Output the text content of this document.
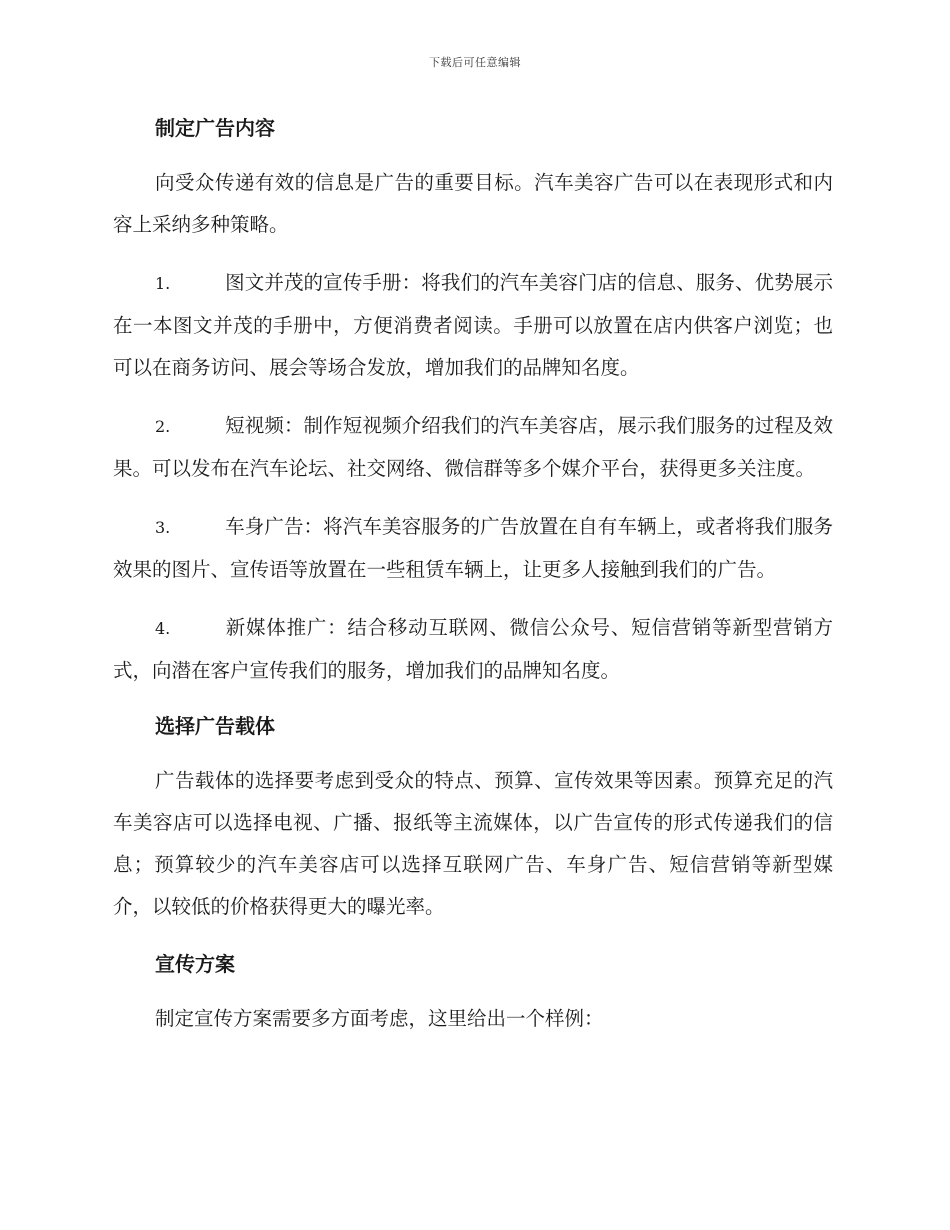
下载后可任意编辑
制定广告内容

向受众传递有效的信息是广告的重要目标。汽车美容广告可以在表现形式和内容上采纳多种策略。

1.	图文并茂的宣传手册：将我们的汽车美容门店的信息、服务、优势展示在一本图文并茂的手册中，方便消费者阅读。手册可以放置在店内供客户浏览；也可以在商务访问、展会等场合发放，增加我们的品牌知名度。

2.	短视频：制作短视频介绍我们的汽车美容店，展示我们服务的过程及效果。可以发布在汽车论坛、社交网络、微信群等多个媒介平台，获得更多关注度。

3.	车身广告：将汽车美容服务的广告放置在自有车辆上，或者将我们服务效果的图片、宣传语等放置在一些租赁车辆上，让更多人接触到我们的广告。

4.	新媒体推广：结合移动互联网、微信公众号、短信营销等新型营销方式，向潜在客户宣传我们的服务，增加我们的品牌知名度。

选择广告载体

广告载体的选择要考虑到受众的特点、预算、宣传效果等因素。预算充足的汽车美容店可以选择电视、广播、报纸等主流媒体，以广告宣传的形式传递我们的信息；预算较少的汽车美容店可以选择互联网广告、车身广告、短信营销等新型媒介，以较低的价格获得更大的曝光率。

宣传方案

制定宣传方案需要多方面考虑，这里给出一个样例：
